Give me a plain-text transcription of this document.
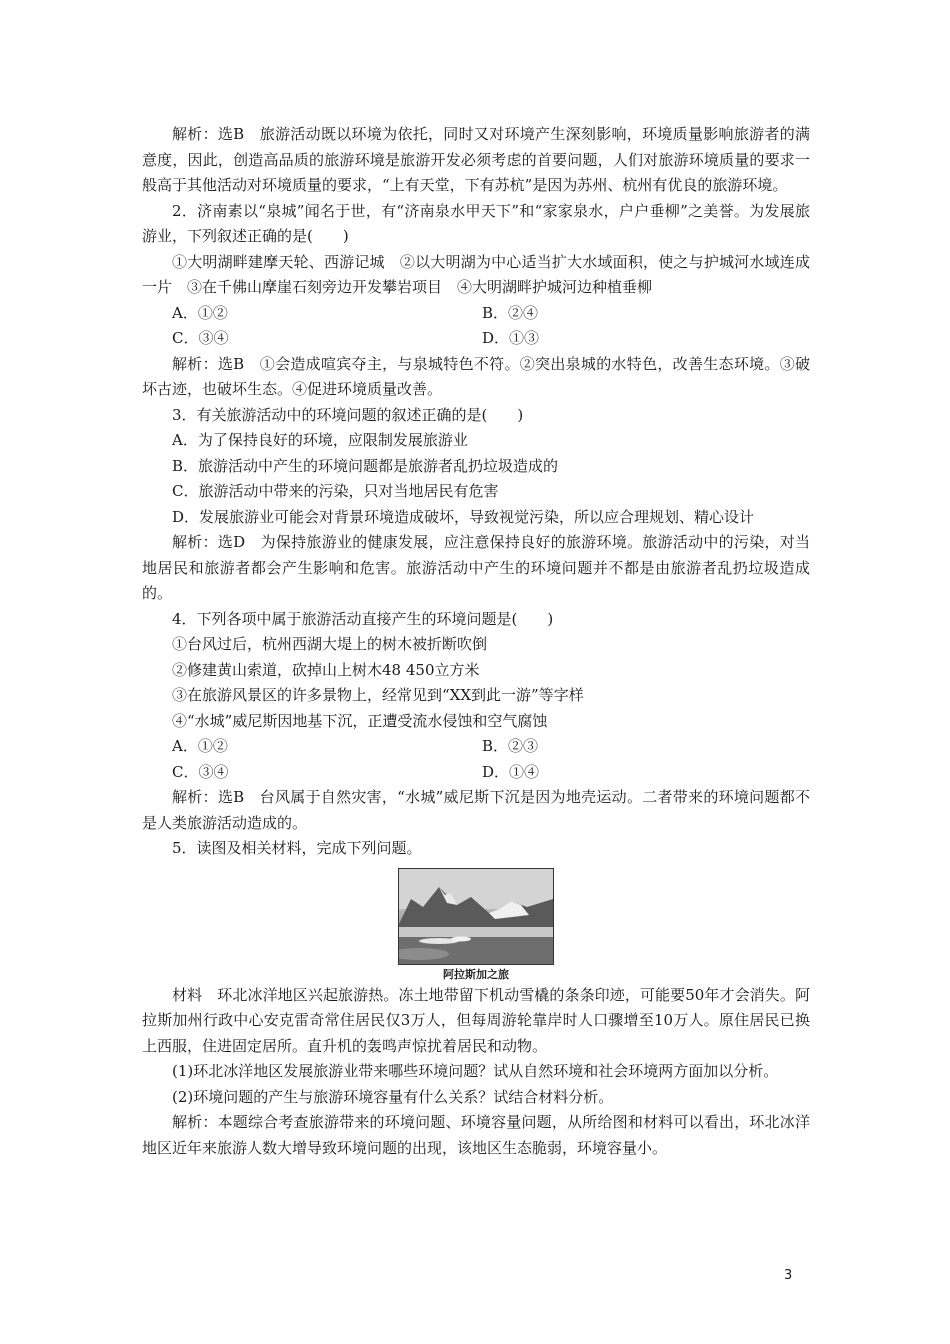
解析：选B　旅游活动既以环境为依托，同时又对环境产生深刻影响，环境质量影响旅游者的满意度，因此，创造高品质的旅游环境是旅游开发必须考虑的首要问题，人们对旅游环境质量的要求一般高于其他活动对环境质量的要求，“上有天堂，下有苏杭”是因为苏州、杭州有优良的旅游环境。

2．济南素以“泉城”闻名于世，有“济南泉水甲天下”和“家家泉水，户户垂柳”之美誉。为发展旅游业，下列叙述正确的是(　　)

①大明湖畔建摩天轮、西游记城　②以大明湖为中心适当扩大水域面积，使之与护城河水域连成一片　③在千佛山摩崖石刻旁边开发攀岩项目　④大明湖畔护城河边种植垂柳

A．①②	B．②④
C．③④	D．①③

解析：选B　①会造成喧宾夺主，与泉城特色不符。②突出泉城的水特色，改善生态环境。③破坏古迹，也破坏生态。④促进环境质量改善。

3．有关旅游活动中的环境问题的叙述正确的是(　　)

A．为了保持良好的环境，应限制发展旅游业

B．旅游活动中产生的环境问题都是旅游者乱扔垃圾造成的

C．旅游活动中带来的污染，只对当地居民有危害

D．发展旅游业可能会对背景环境造成破坏，导致视觉污染，所以应合理规划、精心设计

解析：选D　为保持旅游业的健康发展，应注意保持良好的旅游环境。旅游活动中的污染，对当地居民和旅游者都会产生影响和危害。旅游活动中产生的环境问题并不都是由旅游者乱扔垃圾造成的。

4．下列各项中属于旅游活动直接产生的环境问题是(　　)

①台风过后，杭州西湖大堤上的树木被折断吹倒

②修建黄山索道，砍掉山上树木48 450立方米

③在旅游风景区的许多景物上，经常见到“XX到此一游”等字样

④“水城”威尼斯因地基下沉，正遭受流水侵蚀和空气腐蚀

A．①②	B．②③
C．③④	D．①④

解析：选B　台风属于自然灾害，“水城”威尼斯下沉是因为地壳运动。二者带来的环境问题都不是人类旅游活动造成的。

5．读图及相关材料，完成下列问题。

阿拉斯加之旅

材料　环北冰洋地区兴起旅游热。冻土地带留下机动雪橇的条条印迹，可能要50年才会消失。阿拉斯加州行政中心安克雷奇常住居民仅3万人，但每周游轮靠岸时人口骤增至10万人。原住居民已换上西服，住进固定居所。直升机的轰鸣声惊扰着居民和动物。

(1)环北冰洋地区发展旅游业带来哪些环境问题？试从自然环境和社会环境两方面加以分析。

(2)环境问题的产生与旅游环境容量有什么关系？试结合材料分析。

解析：本题综合考查旅游带来的环境问题、环境容量问题，从所给图和材料可以看出，环北冰洋地区近年来旅游人数大增导致环境问题的出现，该地区生态脆弱，环境容量小。

3
